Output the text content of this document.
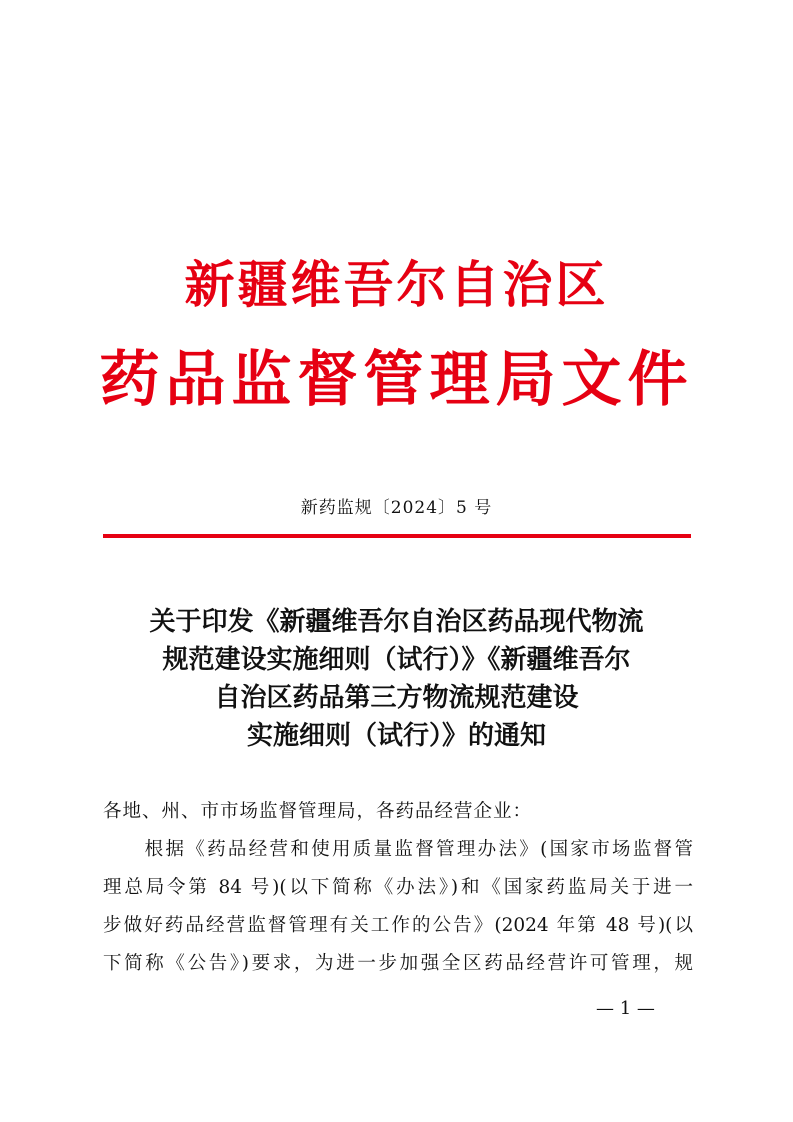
新疆维吾尔自治区
药品监督管理局文件
新药监规〔2024〕5 号
关于印发《新疆维吾尔自治区药品现代物流
规范建设实施细则（试行）》《新疆维吾尔
自治区药品第三方物流规范建设
实施细则（试行）》的通知
各地、州、市市场监督管理局，各药品经营企业：
　　根据《药品经营和使用质量监督管理办法》(国家市场监督管
理总局令第 84 号)(以下简称《办法》)和《国家药监局关于进一
步做好药品经营监督管理有关工作的公告》(2024 年第 48 号)(以
下简称《公告》)要求，为进一步加强全区药品经营许可管理，规
— 1 —
